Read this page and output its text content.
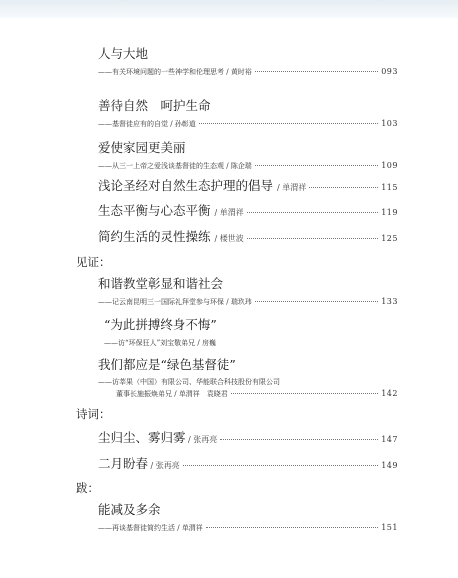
人与大地
——有关环境问题的一些神学和伦理思考 / 黄时裕	093
善待自然　呵护生命
——基督徒应有的自觉 / 孙彰道	103
爱使家园更美丽
——从三一上帝之爱浅谈基督徒的生态观 / 陈企瑞	109
浅论圣经对自然生态护理的倡导 / 单渭祥	115
生态平衡与心态平衡 / 单渭祥	119
简约生活的灵性操练 / 楼世波	125
见证：
和谐教堂彰显和谐社会
——记云南昆明三一国际礼拜堂参与环保 / 瑞玖玮	133
“为此拼搏终身不悔”
——访“环保狂人”刘宝敬弟兄 / 房巍
我们都应是“绿色基督徒”
——访莘果（中国）有限公司、华能联合科技股份有限公司
董事长施振焕弟兄 / 单渭祥　袁晓君	142
诗词：
尘归尘、雾归雾 / 张再亮	147
二月盼春 / 张再亮	149
跋：
能减及多余
——再谈基督徒简约生活 / 单渭祥	151
